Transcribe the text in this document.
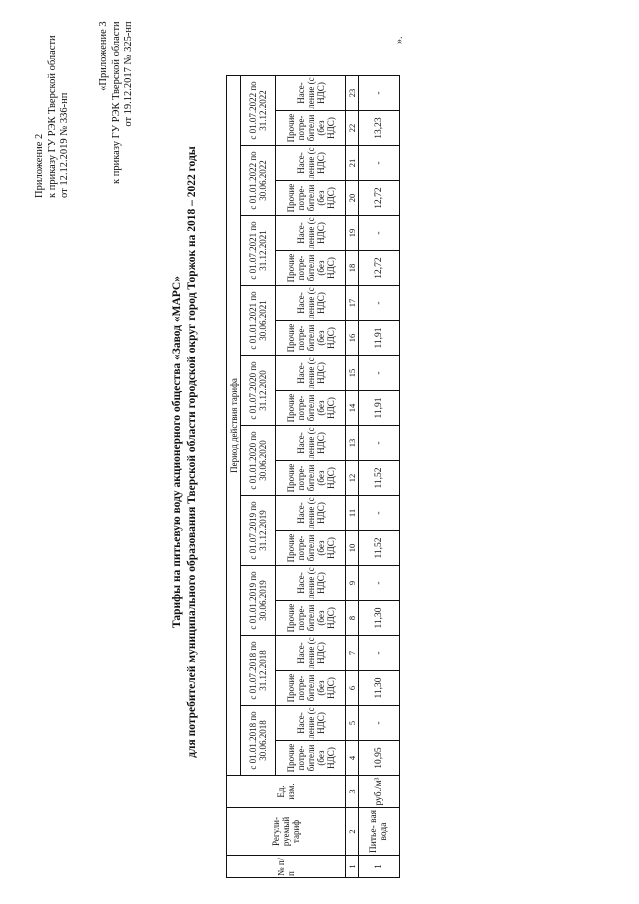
Приложение 2 к приказу ГУ РЭК Тверской области от 12.12.2019 № 336-нп
«Приложение 3 к приказу ГУ РЭК Тверской области от 19.12.2017 № 325-нп
Тарифы на питьевую воду акционерного общества «Завод «МАРС» для потребителей муниципального образования Тверской области городской округ город Торжок на 2018 – 2022 годы
№ п/ п	Регули- руемый тариф	Ед. изм.	Период действия тарифа																			
			с 01.01.2018 по 30.06.2018		с 01.07.2018 по 31.12.2018		с 01.01.2019 по 30.06.2019		с 01.07.2019 по 31.12.2019		с 01.01.2020 по 30.06.2020		с 01.07.2020 по 31.12.2020		с 01.01.2021 по 30.06.2021		с 01.07.2021 по 31.12.2021		с 01.01.2022 по 30.06.2022		с 01.07.2022 по 31.12.2022	
			Прочие потре- бители (без НДС)	Насе- ление (с НДС)	Прочие потре- бители (без НДС)	Насе- ление (с НДС)	Прочие потре- бители (без НДС)	Насе- ление (с НДС)	Прочие потре- бители (без НДС)	Насе- ление (с НДС)	Прочие потре- бители (без НДС)	Насе- ление (с НДС)	Прочие потре- бители (без НДС)	Насе- ление (с НДС)	Прочие потре- бители (без НДС)	Насе- ление (с НДС)	Прочие потре- бители (без НДС)	Насе- ление (с НДС)	Прочие потре- бители (без НДС)	Насе- ление (с НДС)	Прочие потре- бители (без НДС)	Насе- ление (с НДС)
1	2	3	4	5	6	7	8	9	10	11	12	13	14	15	16	17	18	19	20	21	22	23
1	Питье- вая вода	руб./м³	10,95	-	11,30	-	11,30	-	11,52	-	11,52	-	11,91	-	11,91	-	12,72	-	12,72	-	13,23	-
».
